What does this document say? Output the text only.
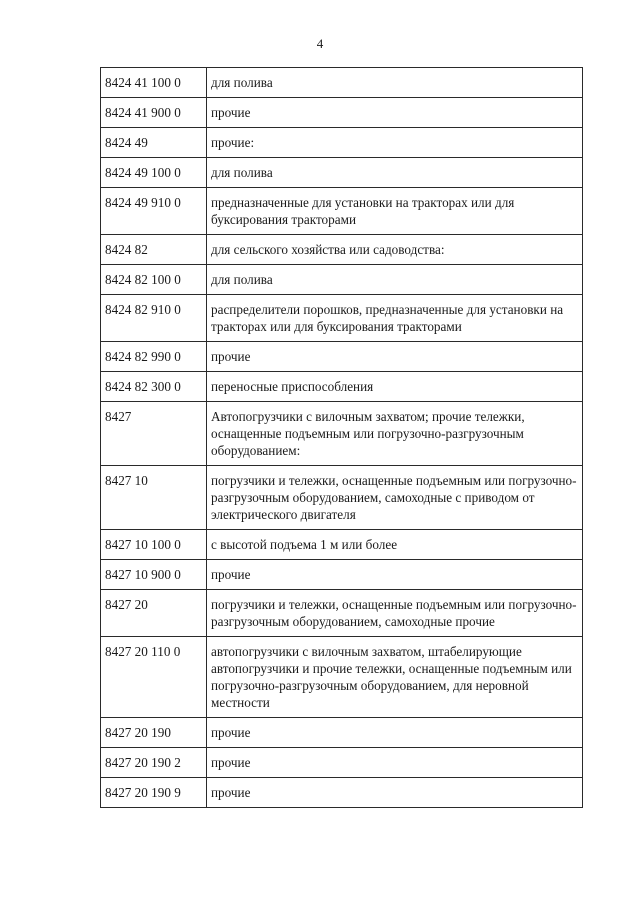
4
8424 41 100 0	для полива
8424 41 900 0	прочие
8424 49	прочие:
8424 49 100 0	для полива
8424 49 910 0	предназначенные для установки на тракторах или для буксирования тракторами
8424 82	для сельского хозяйства или садоводства:
8424 82 100 0	для полива
8424 82 910 0	распределители порошков, предназначенные для установки на тракторах или для буксирования тракторами
8424 82 990 0	прочие
8424 82 300 0	переносные приспособления
8427	Автопогрузчики с вилочным захватом; прочие тележки, оснащенные подъемным или погрузочно-разгрузочным оборудованием:
8427 10	погрузчики и тележки, оснащенные подъемным или погрузочно-разгрузочным оборудованием, самоходные с приводом от электрического двигателя
8427 10 100 0	с высотой подъема 1 м или более
8427 10 900 0	прочие
8427 20	погрузчики и тележки, оснащенные подъемным или погрузочно-разгрузочным оборудованием, самоходные прочие
8427 20 110 0	автопогрузчики с вилочным захватом, штабелирующие автопогрузчики и прочие тележки, оснащенные подъемным или погрузочно-разгрузочным оборудованием, для неровной местности
8427 20 190	прочие
8427 20 190 2	прочие
8427 20 190 9	прочие
